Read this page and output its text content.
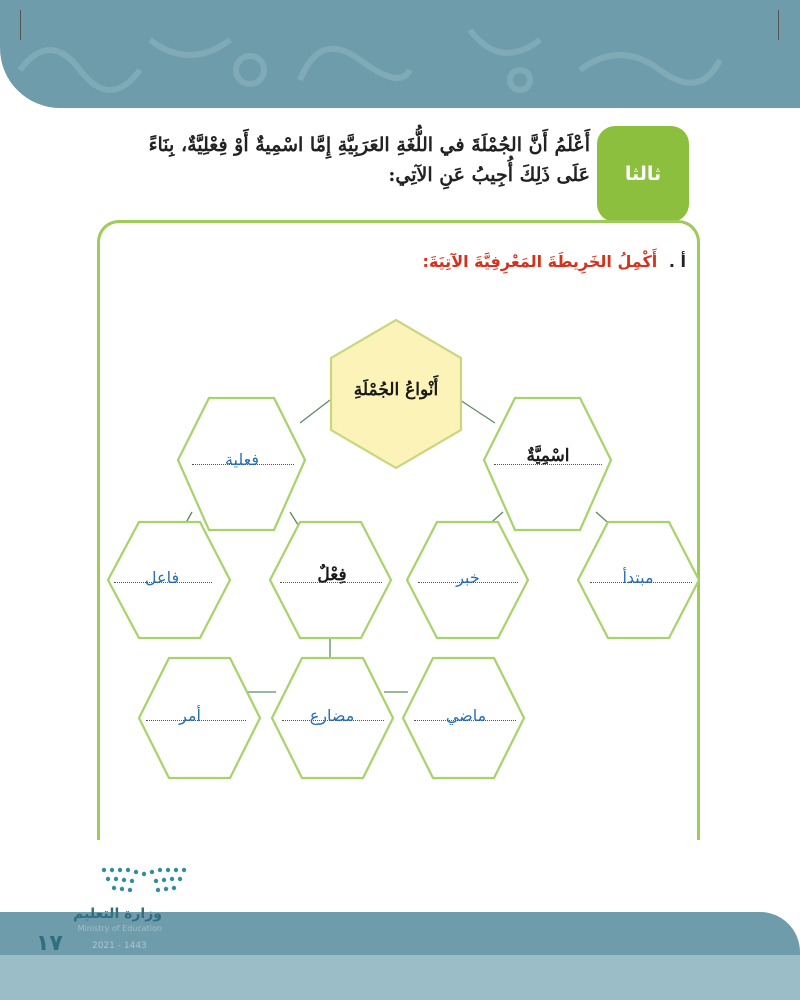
ثالثا
أَعْلَمُ أَنَّ الجُمْلَةَ في اللُّغَةِ العَرَبِيَّةِ إِمَّا اسْمِيةٌ أَوْ فِعْلِيَّةٌ، بِنَاءً
عَلَى ذَلِكَ أُجِيبُ عَنِ الآتِي:
أ . أَكْمِلُ الخَرِيطَةَ المَعْرِفِيَّةَ الآتِيَةَ:
أَنْواعُ الجُمْلَةِ
فعلية	اسْمِيَّةٌ
فاعل	فِعْلٌ	خبر	مبتدأ
أمر	مضارع	ماضي
وزارة التعليم
Ministry of Education
١٧	2021 - 1443
